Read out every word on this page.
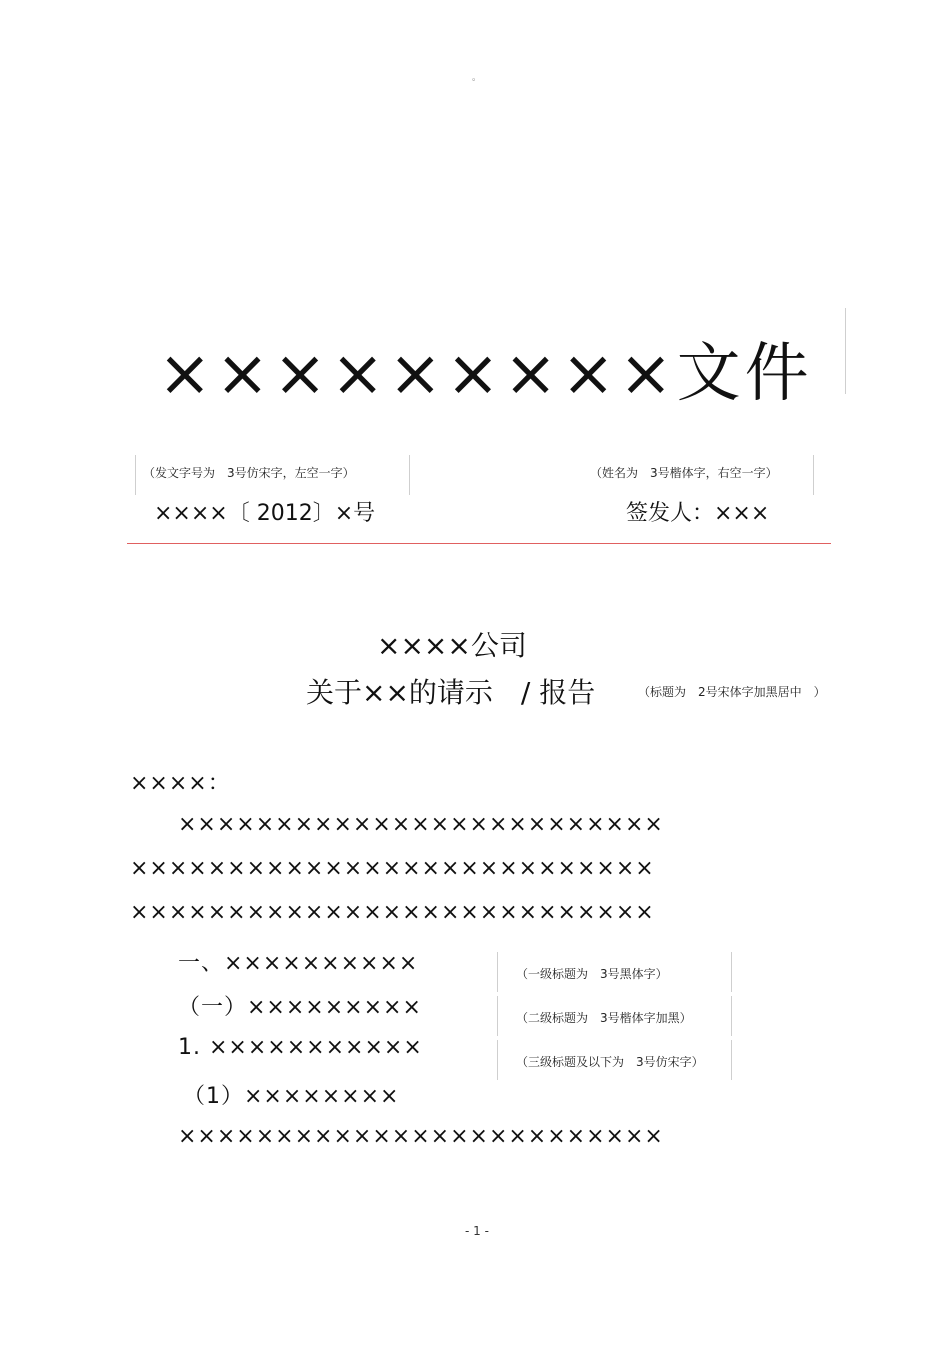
。
×××××××××文件
（发文字号为　3号仿宋字，左空一字）	（姓名为　3号楷体字，右空一字）
××××〔 2012〕×号	签发人：×××
××××公司
关于××的请示　/ 报告	（标题为　2号宋体字加黑居中　）
××××：
×××××××××××××××××××××××××
×××××××××××××××××××××××××××
×××××××××××××××××××××××××××
一、××××××××××
（一）×××××××××
1. ×××××××××××
（1）××××××××
（一级标题为　3号黑体字）
（二级标题为　3号楷体字加黑）
（三级标题及以下为　3号仿宋字）
×××××××××××××××××××××××××
- 1 -
